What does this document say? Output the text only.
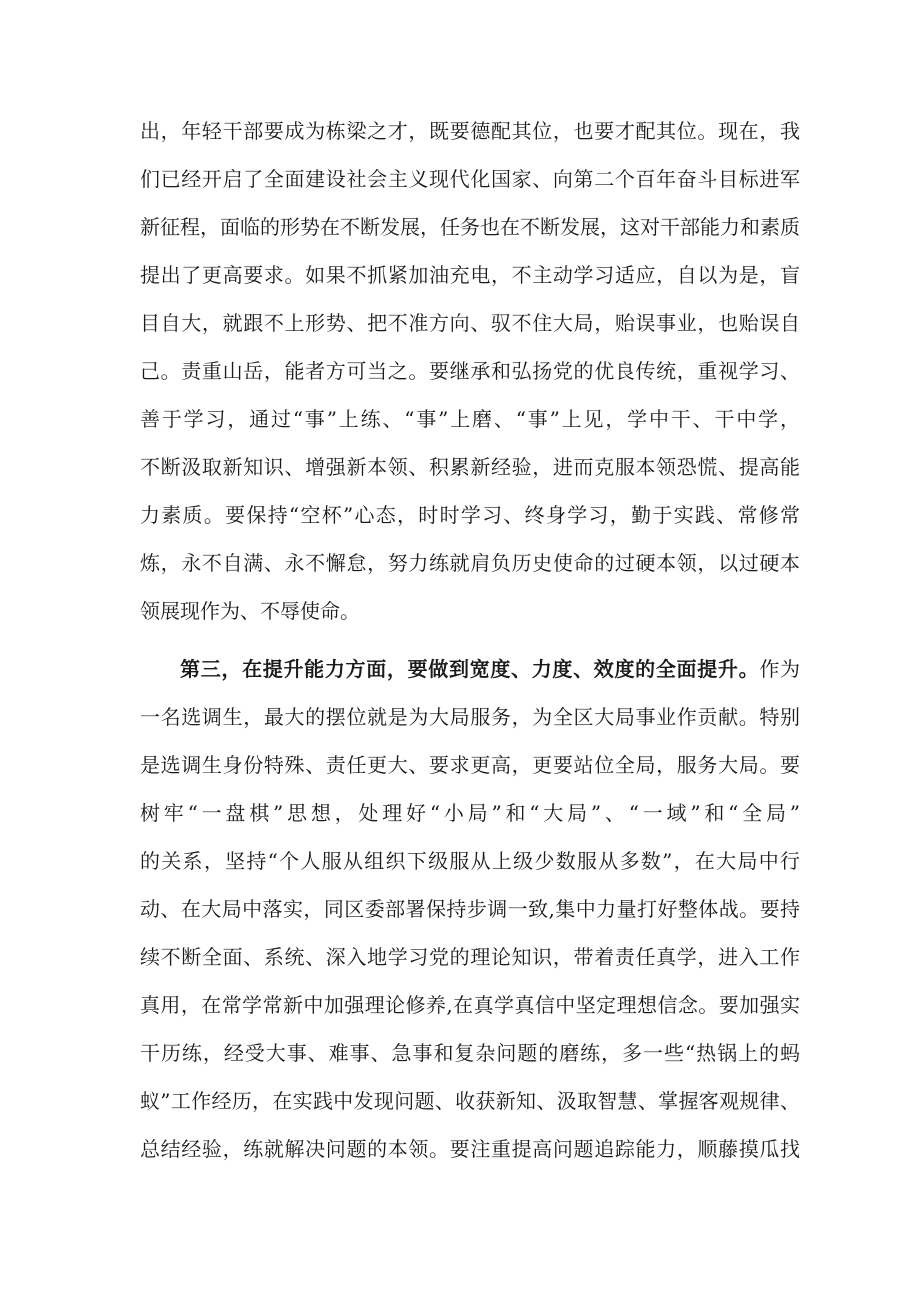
出，年轻干部要成为栋梁之才，既要德配其位，也要才配其位。现在，我
们已经开启了全面建设社会主义现代化国家、向第二个百年奋斗目标进军
新征程，面临的形势在不断发展，任务也在不断发展，这对干部能力和素质
提出了更高要求。如果不抓紧加油充电，不主动学习适应，自以为是，盲
目自大，就跟不上形势、把不准方向、驭不住大局，贻误事业，也贻误自
己。责重山岳，能者方可当之。要继承和弘扬党的优良传统，重视学习、
善于学习，通过“事”上练、“事”上磨、“事”上见，学中干、干中学，
不断汲取新知识、增强新本领、积累新经验，进而克服本领恐慌、提高能
力素质。要保持“空杯”心态，时时学习、终身学习，勤于实践、常修常
炼，永不自满、永不懈怠，努力练就肩负历史使命的过硬本领，以过硬本
领展现作为、不辱使命。
第三，在提升能力方面，要做到宽度、力度、效度的全面提升。作为
一名选调生，最大的摆位就是为大局服务，为全区大局事业作贡献。特别
是选调生身份特殊、责任更大、要求更高，更要站位全局，服务大局。要
树牢“一盘棋”思想，处理好“小局”和“大局”、“一域”和“全局”
的关系，坚持“个人服从组织下级服从上级少数服从多数”，在大局中行
动、在大局中落实，同区委部署保持步调一致,集中力量打好整体战。要持
续不断全面、系统、深入地学习党的理论知识，带着责任真学，进入工作
真用，在常学常新中加强理论修养,在真学真信中坚定理想信念。要加强实
干历练，经受大事、难事、急事和复杂问题的磨练，多一些“热锅上的蚂
蚁”工作经历，在实践中发现问题、收获新知、汲取智慧、掌握客观规律、
总结经验，练就解决问题的本领。要注重提高问题追踪能力，顺藤摸瓜找
